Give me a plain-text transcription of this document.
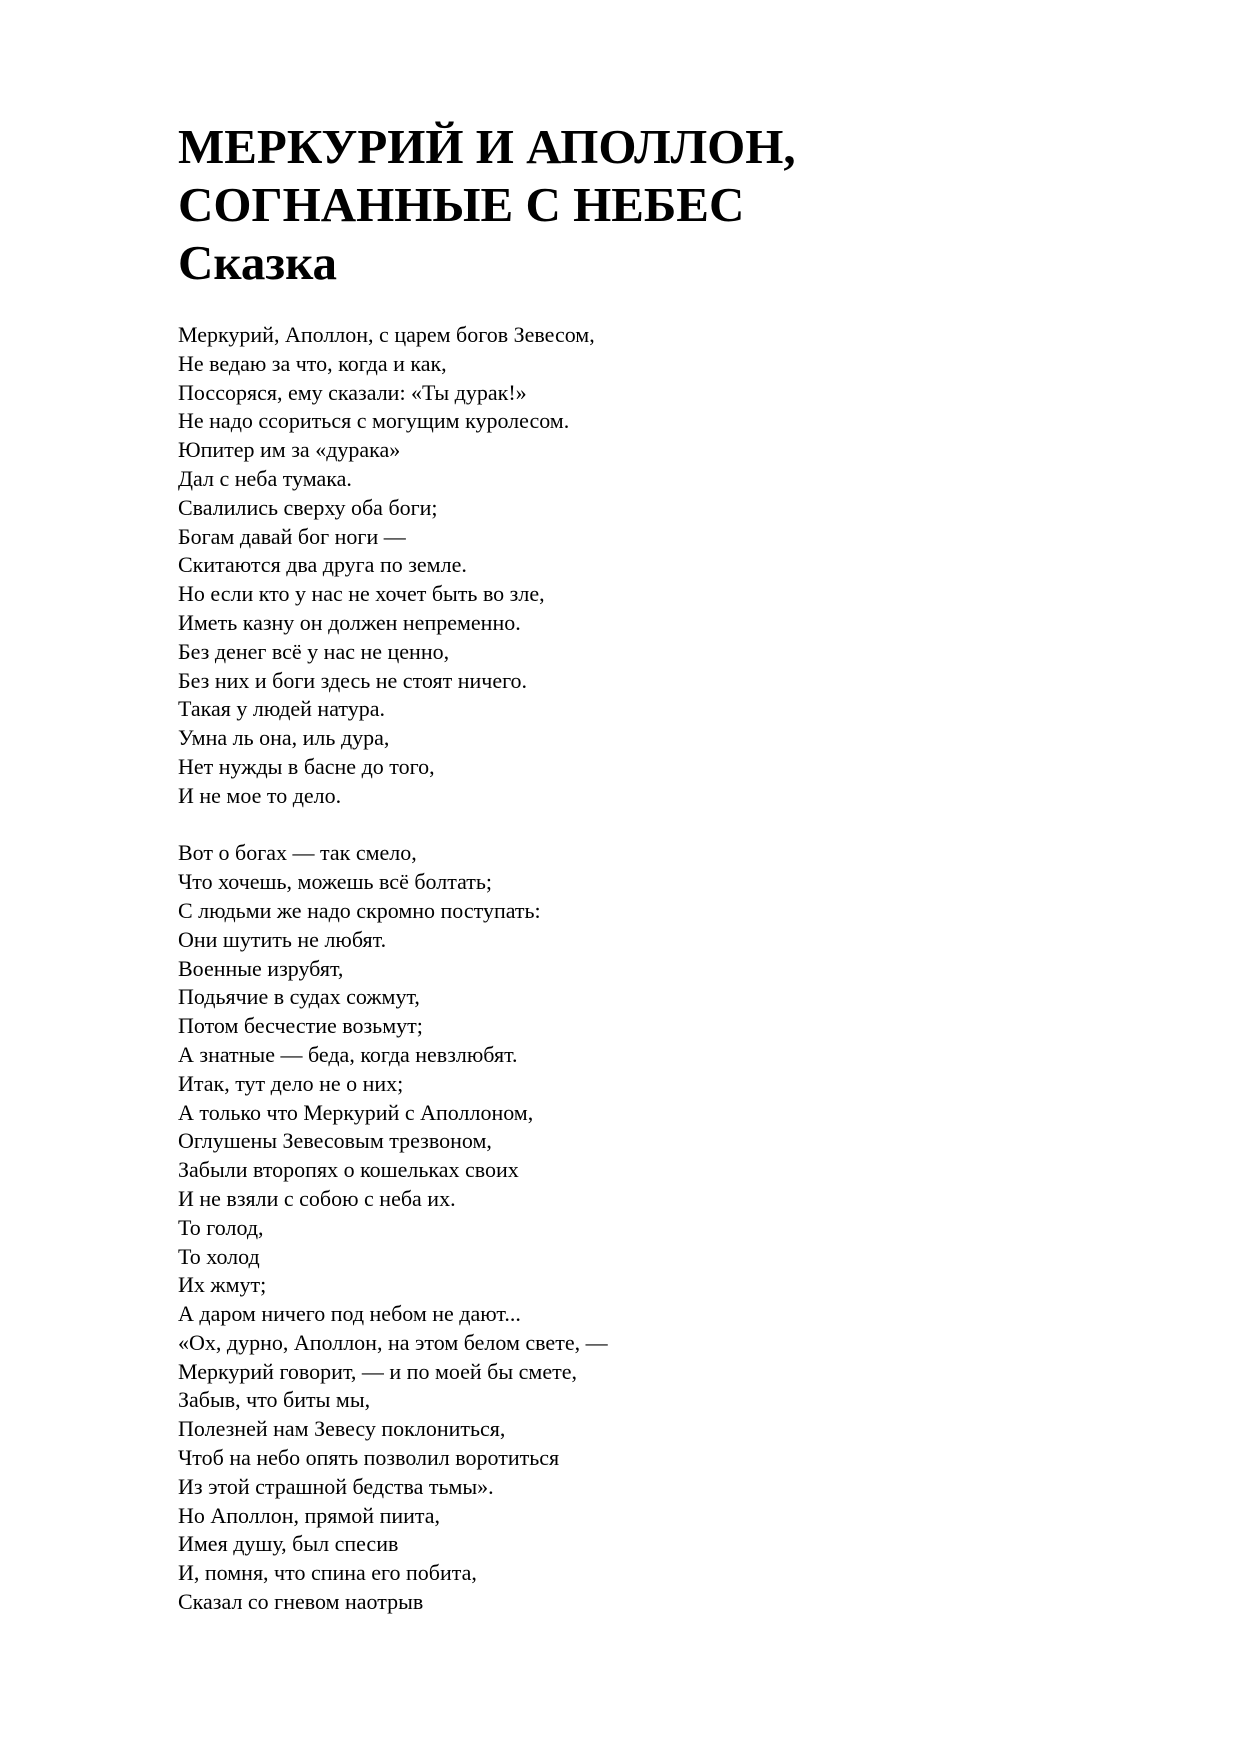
МЕРКУРИЙ И АПОЛЛОН,
СОГНАННЫЕ С НЕБЕС
Сказка
Меркурий, Аполлон, с царем богов Зевесом,
Не ведаю за что, когда и как,
Поссоряся, ему сказали: «Ты дурак!»
Не надо ссориться с могущим куролесом.
Юпитер им за «дурака»
Дал с неба тумака.
Свалились сверху оба боги;
Богам давай бог ноги —
Скитаются два друга по земле.
Но если кто у нас не хочет быть во зле,
Иметь казну он должен непременно.
Без денег всё у нас не ценно,
Без них и боги здесь не стоят ничего.
Такая у людей натура.
Умна ль она, иль дура,
Нет нужды в басне до того,
И не мое то дело.
Вот о богах — так смело,
Что хочешь, можешь всё болтать;
С людьми же надо скромно поступать:
Они шутить не любят.
Военные изрубят,
Подьячие в судах сожмут,
Потом бесчестие возьмут;
А знатные — беда, когда невзлюбят.
Итак, тут дело не о них;
А только что Меркурий с Аполлоном,
Оглушены Зевесовым трезвоном,
Забыли второпях о кошельках своих
И не взяли с собою с неба их.
То голод,
То холод
Их жмут;
А даром ничего под небом не дают...
«Ох, дурно, Аполлон, на этом белом свете, —
Меркурий говорит, — и по моей бы смете,
Забыв, что биты мы,
Полезней нам Зевесу поклониться,
Чтоб на небо опять позволил воротиться
Из этой страшной бедства тьмы».
Но Аполлон, прямой пиита,
Имея душу, был спесив
И, помня, что спина его побита,
Сказал со гневом наотрыв
